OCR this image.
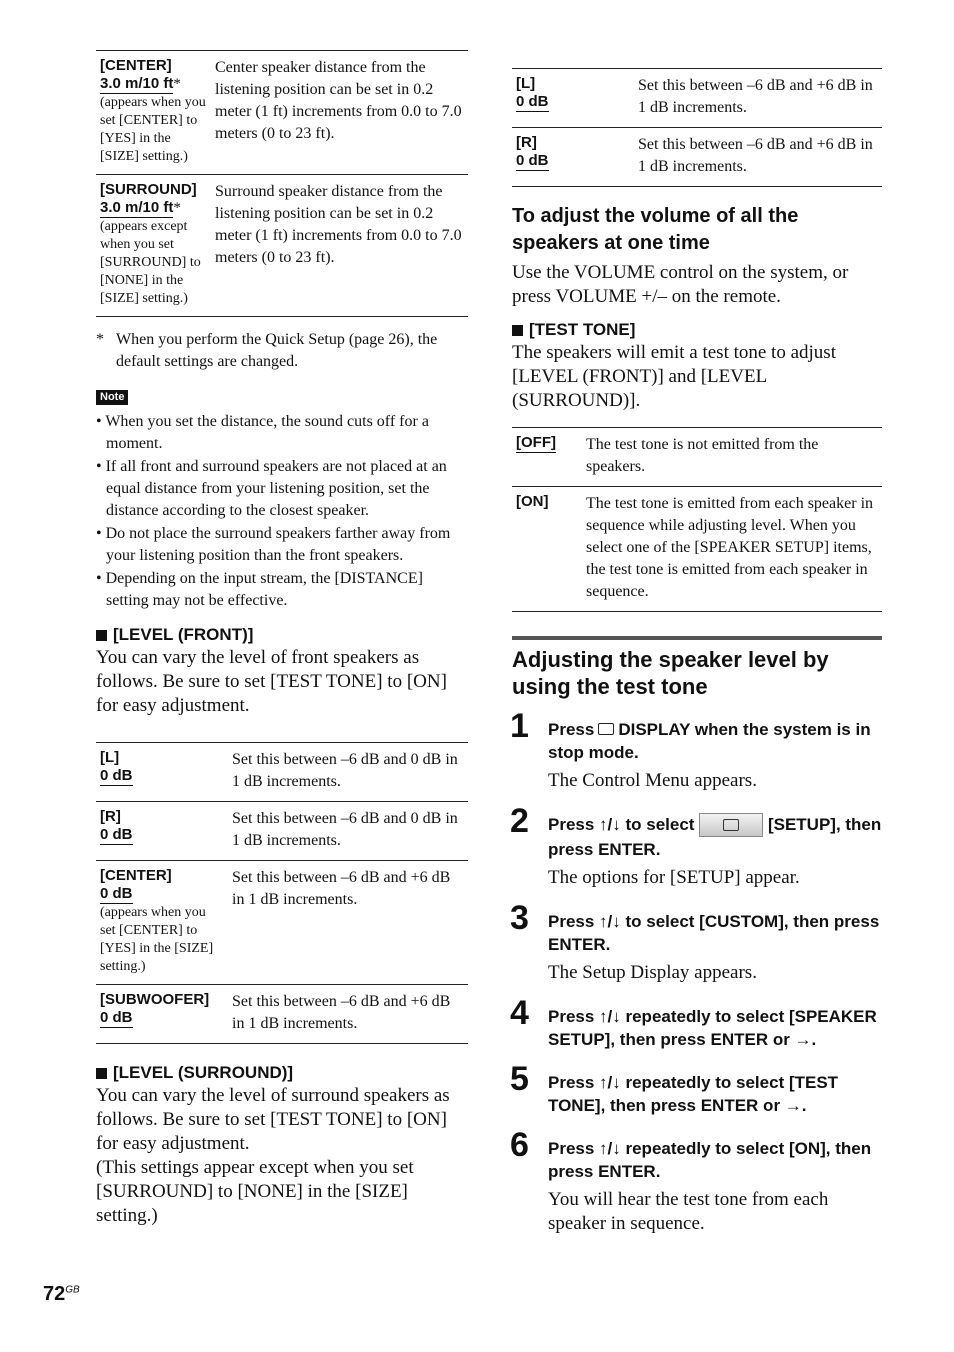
[CENTER]
3.0 m/10 ft*
(appears when you set [CENTER] to [YES] in the [SIZE] setting.)	Center speaker distance from the listening position can be set in 0.2 meter (1 ft) increments from 0.0 to 7.0 meters (0 to 23 ft).

[SURROUND]
3.0 m/10 ft*
(appears except when you set [SURROUND] to [NONE] in the [SIZE] setting.)	Surround speaker distance from the listening position can be set in 0.2 meter (1 ft) increments from 0.0 to 7.0 meters (0 to 23 ft).
* When you perform the Quick Setup (page 26), the default settings are changed.
Note
• When you set the distance, the sound cuts off for a moment.
• If all front and surround speakers are not placed at an equal distance from your listening position, set the distance according to the closest speaker.
• Do not place the surround speakers farther away from your listening position than the front speakers.
• Depending on the input stream, the [DISTANCE] setting may not be effective.
[LEVEL (FRONT)]
You can vary the level of front speakers as follows. Be sure to set [TEST TONE] to [ON] for easy adjustment.
[L]
0 dB	Set this between –6 dB and 0 dB in 1 dB increments.

[R]
0 dB	Set this between –6 dB and 0 dB in 1 dB increments.

[CENTER]
0 dB
(appears when you set [CENTER] to [YES] in the [SIZE] setting.)	Set this between –6 dB and +6 dB in 1 dB increments.

[SUBWOOFER]
0 dB	Set this between –6 dB and +6 dB in 1 dB increments.
[LEVEL (SURROUND)]
You can vary the level of surround speakers as follows. Be sure to set [TEST TONE] to [ON] for easy adjustment.
(This settings appear except when you set [SURROUND] to [NONE] in the [SIZE] setting.)
[L]
0 dB	Set this between –6 dB and +6 dB in 1 dB increments.

[R]
0 dB	Set this between –6 dB and +6 dB in 1 dB increments.
To adjust the volume of all the speakers at one time
Use the VOLUME control on the system, or press VOLUME +/– on the remote.
[TEST TONE]
The speakers will emit a test tone to adjust [LEVEL (FRONT)] and [LEVEL (SURROUND)].
[OFF]	The test tone is not emitted from the speakers.
[ON]	The test tone is emitted from each speaker in sequence while adjusting level. When you select one of the [SPEAKER SETUP] items, the test tone is emitted from each speaker in sequence.
Adjusting the speaker level by using the test tone
1 Press DISPLAY when the system is in stop mode.
The Control Menu appears.
2 Press ↑/↓ to select	[SETUP], then press ENTER.
The options for [SETUP] appear.
3 Press ↑/↓ to select [CUSTOM], then press ENTER.
The Setup Display appears.
4 Press ↑/↓ repeatedly to select [SPEAKER SETUP], then press ENTER or →.
5 Press ↑/↓ repeatedly to select [TEST TONE], then press ENTER or →.
6 Press ↑/↓ repeatedly to select [ON], then press ENTER.
You will hear the test tone from each speaker in sequence.
$72^{GB}$
